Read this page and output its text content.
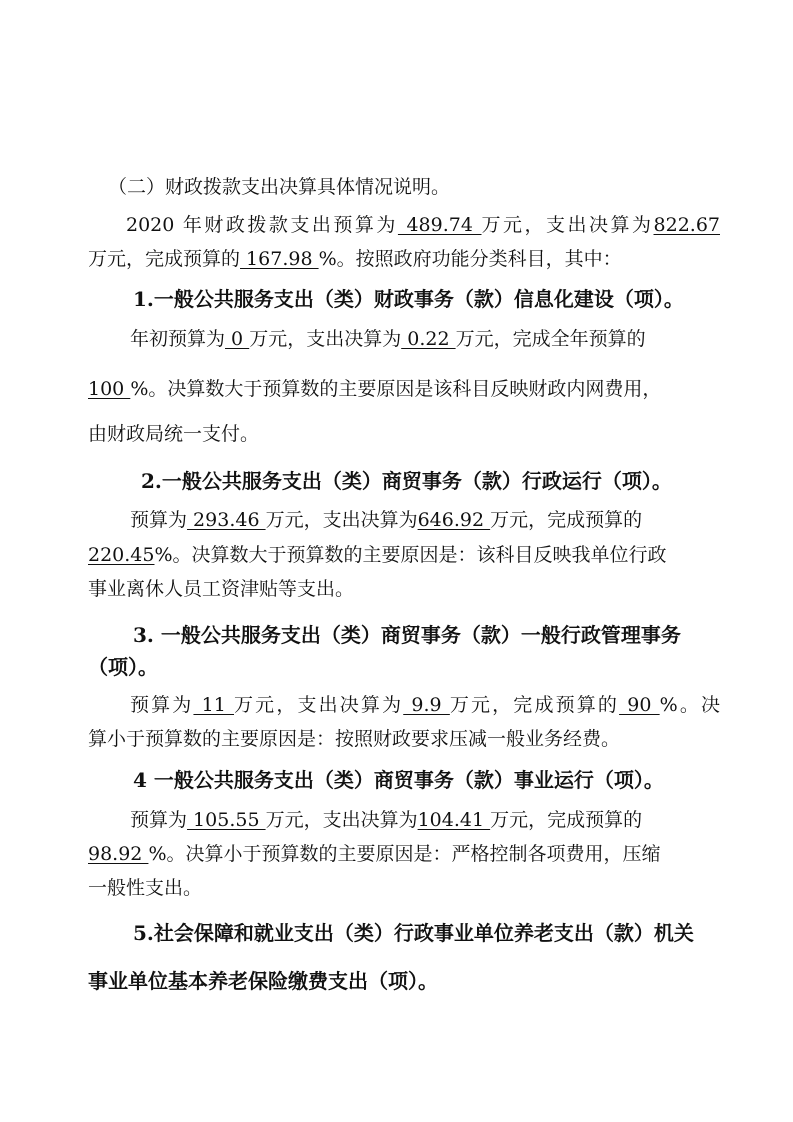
（二）财政拨款支出决算具体情况说明。
2020 年财政拨款支出预算为 489.74 万元，支出决算为822.67
万元，完成预算的 167.98 %。按照政府功能分类科目，其中：
1.一般公共服务支出（类）财政事务（款）信息化建设（项）。
年初预算为 0 万元，支出决算为 0.22 万元，完成全年预算的
100 %。决算数大于预算数的主要原因是该科目反映财政内网费用，
由财政局统一支付。
2.一般公共服务支出（类）商贸事务（款）行政运行（项）。
预算为 293.46 万元，支出决算为646.92 万元，完成预算的
220.45%。决算数大于预算数的主要原因是：该科目反映我单位行政
事业离休人员工资津贴等支出。
3. 一般公共服务支出（类）商贸事务（款）一般行政管理事务
（项）。
预算为 11 万元，支出决算为 9.9 万元，完成预算的 90 %。决
算小于预算数的主要原因是：按照财政要求压减一般业务经费。
4 一般公共服务支出（类）商贸事务（款）事业运行（项）。
预算为 105.55 万元，支出决算为104.41 万元，完成预算的
98.92 %。决算小于预算数的主要原因是：严格控制各项费用，压缩
一般性支出。
5.社会保障和就业支出（类）行政事业单位养老支出（款）机关
事业单位基本养老保险缴费支出（项）。
